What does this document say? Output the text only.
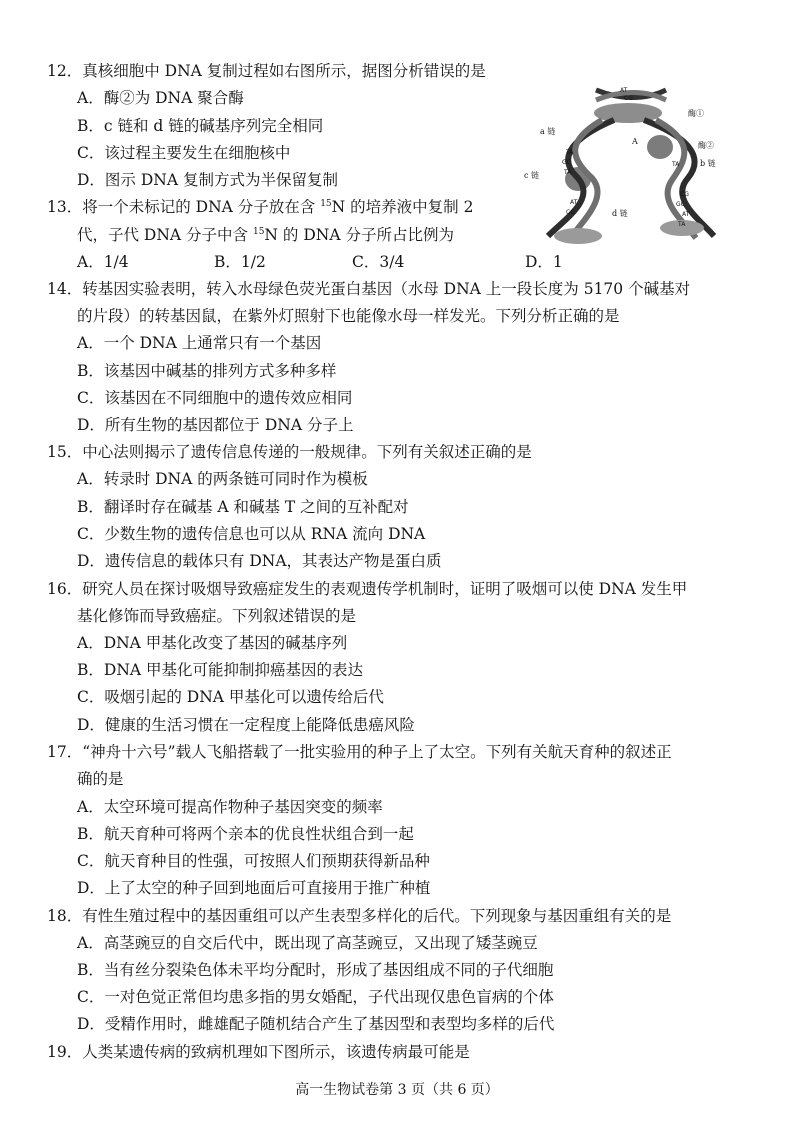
12．真核细胞中 DNA 复制过程如右图所示，据图分析错误的是
A．酶②为 DNA 聚合酶
B．c 链和 d 链的碱基序列完全相同
C．该过程主要发生在细胞核中
D．图示 DNA 复制方式为半保留复制
AT
CG
TA
GC
TA
AT
CG
TA
GC
AT
TA
CG
酶①
酶②
a 链
b 链
c 链
d 链
A
13．将一个未标记的 DNA 分子放在含 $^{15}$N 的培养液中复制 2
代，子代 DNA 分子中含 $^{15}$N 的 DNA 分子所占比例为
A．1/4	B．1/2	C．3/4	D．1
14．转基因实验表明，转入水母绿色荧光蛋白基因（水母 DNA 上一段长度为 5170 个碱基对
的片段）的转基因鼠，在紫外灯照射下也能像水母一样发光。下列分析正确的是
A．一个 DNA 上通常只有一个基因
B．该基因中碱基的排列方式多种多样
C．该基因在不同细胞中的遗传效应相同
D．所有生物的基因都位于 DNA 分子上
15．中心法则揭示了遗传信息传递的一般规律。下列有关叙述正确的是
A．转录时 DNA 的两条链可同时作为模板
B．翻译时存在碱基 A 和碱基 T 之间的互补配对
C．少数生物的遗传信息也可以从 RNA 流向 DNA
D．遗传信息的载体只有 DNA，其表达产物是蛋白质
16．研究人员在探讨吸烟导致癌症发生的表观遗传学机制时，证明了吸烟可以使 DNA 发生甲
基化修饰而导致癌症。下列叙述错误的是
A．DNA 甲基化改变了基因的碱基序列
B．DNA 甲基化可能抑制抑癌基因的表达
C．吸烟引起的 DNA 甲基化可以遗传给后代
D．健康的生活习惯在一定程度上能降低患癌风险
17．“神舟十六号”载人飞船搭载了一批实验用的种子上了太空。下列有关航天育种的叙述正
确的是
A．太空环境可提高作物种子基因突变的频率
B．航天育种可将两个亲本的优良性状组合到一起
C．航天育种目的性强，可按照人们预期获得新品种
D．上了太空的种子回到地面后可直接用于推广种植
18．有性生殖过程中的基因重组可以产生表型多样化的后代。下列现象与基因重组有关的是
A．高茎豌豆的自交后代中，既出现了高茎豌豆，又出现了矮茎豌豆
B．当有丝分裂染色体未平均分配时，形成了基因组成不同的子代细胞
C．一对色觉正常但均患多指的男女婚配，子代出现仅患色盲病的个体
D．受精作用时，雌雄配子随机结合产生了基因型和表型均多样的后代
19．人类某遗传病的致病机理如下图所示，该遗传病最可能是
高一生物试卷第 3 页（共 6 页）
